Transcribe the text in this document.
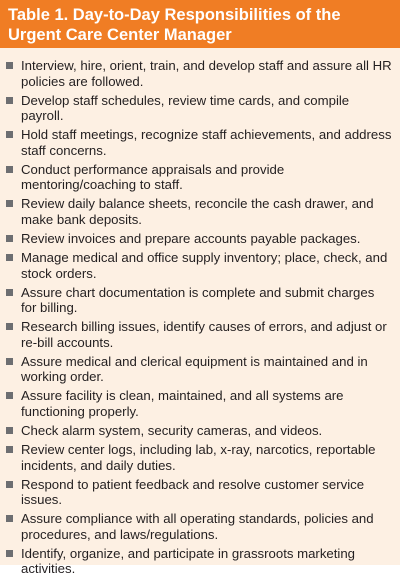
Table 1. Day-to-Day Responsibilities of the Urgent Care Center Manager
Interview, hire, orient, train, and develop staff and assure all HR policies are followed.
Develop staff schedules, review time cards, and compile payroll.
Hold staff meetings, recognize staff achievements, and address staff concerns.
Conduct performance appraisals and provide mentoring/coaching to staff.
Review daily balance sheets, reconcile the cash drawer, and make bank deposits.
Review invoices and prepare accounts payable packages.
Manage medical and office supply inventory; place, check, and stock orders.
Assure chart documentation is complete and submit charges for billing.
Research billing issues, identify causes of errors, and adjust or re-bill accounts.
Assure medical and clerical equipment is maintained and in working order.
Assure facility is clean, maintained, and all systems are functioning properly.
Check alarm system, security cameras, and videos.
Review center logs, including lab, x-ray, narcotics, reportable incidents, and daily duties.
Respond to patient feedback and resolve customer service issues.
Assure compliance with all operating standards, policies and procedures, and laws/regulations.
Identify, organize, and participate in grassroots marketing activities.
